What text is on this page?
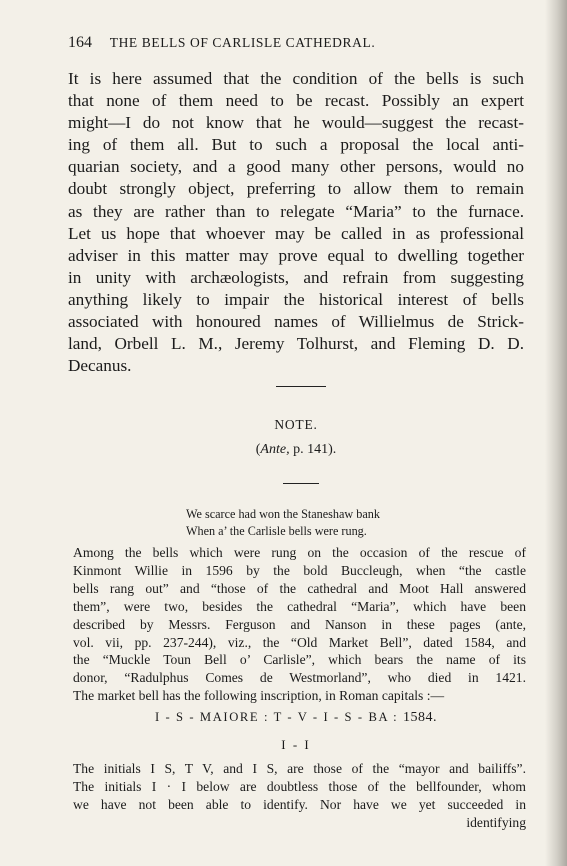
164 THE BELLS OF CARLISLE CATHEDRAL.
It is here assumed that the condition of the bells is such
that none of them need to be recast. Possibly an expert
might—I do not know that he would—suggest the recast-
ing of them all. But to such a proposal the local anti-
quarian society, and a good many other persons, would no
doubt strongly object, preferring to allow them to remain
as they are rather than to relegate “Maria” to the furnace.
Let us hope that whoever may be called in as professional
adviser in this matter may prove equal to dwelling together
in unity with archæologists, and refrain from suggesting
anything likely to impair the historical interest of bells
associated with honoured names of Willielmus de Strick-
land, Orbell L. M., Jeremy Tolhurst, and Fleming D. D.
Decanus.
NOTE.
(Ante, p. 141).
We scarce had won the Staneshaw bank
When a’ the Carlisle bells were rung.
Among the bells which were rung on the occasion of the rescue of
Kinmont Willie in 1596 by the bold Buccleugh, when “the castle
bells rang out” and “those of the cathedral and Moot Hall answered
them”, were two, besides the cathedral “Maria”, which have been
described by Messrs. Ferguson and Nanson in these pages (ante,
vol. vii, pp. 237-244), viz., the “Old Market Bell”, dated 1584, and
the “Muckle Toun Bell o’ Carlisle”, which bears the name of its
donor, “Radulphus Comes de Westmorland”, who died in 1421.
The market bell has the following inscription, in Roman capitals :—
I - S - MAIORE : T - V - I - S - BA : 1584.
I - I
The initials I S, T V, and I S, are those of the “mayor and bailiffs”.
The initials I · I below are doubtless those of the bellfounder, whom
we have not been able to identify. Nor have we yet succeeded in
identifying
